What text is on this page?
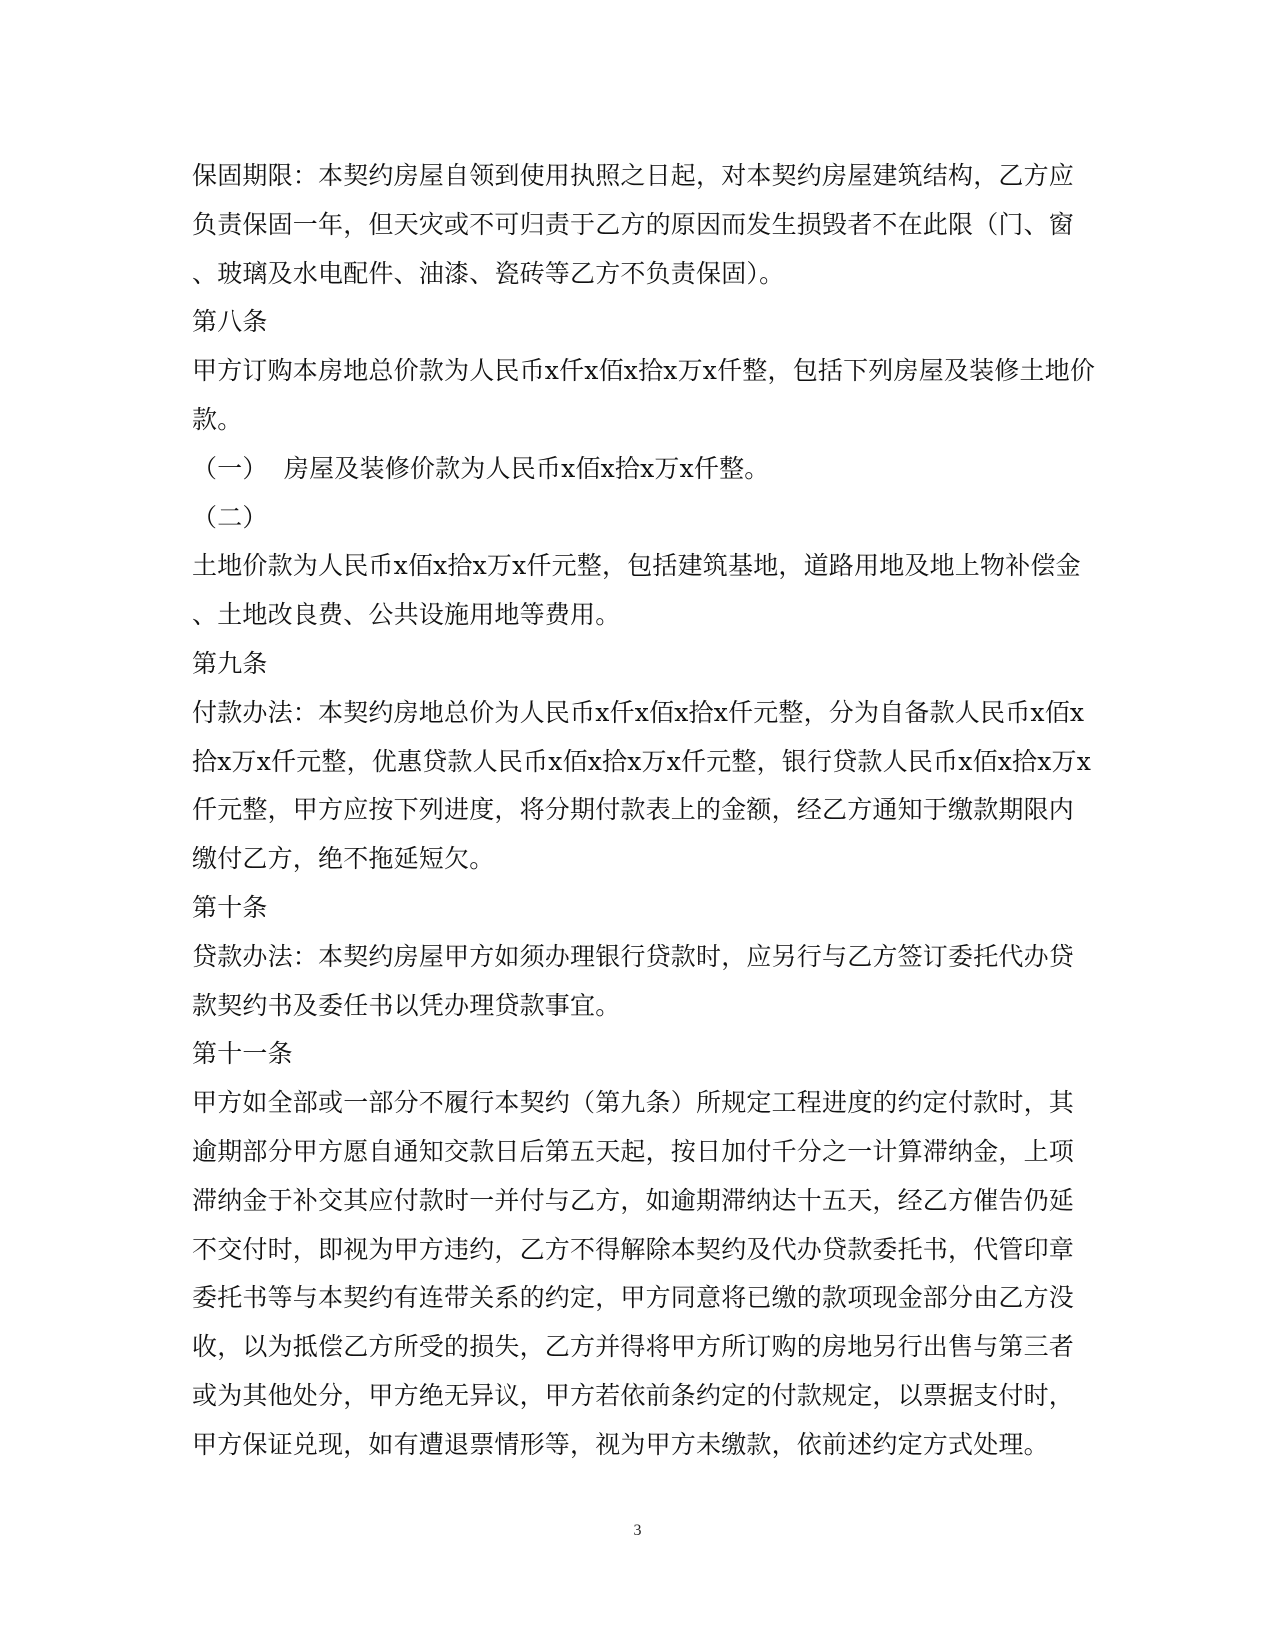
保固期限：本契约房屋自领到使用执照之日起，对本契约房屋建筑结构，乙方应
负责保固一年，但天灾或不可归责于乙方的原因而发生损毁者不在此限（门、窗
、玻璃及水电配件、油漆、瓷砖等乙方不负责保固）。
第八条
甲方订购本房地总价款为人民币x仟x佰x拾x万x仟整，包括下列房屋及装修土地价
款。
（一）  房屋及装修价款为人民币x佰x拾x万x仟整。
（二）
土地价款为人民币x佰x拾x万x仟元整，包括建筑基地，道路用地及地上物补偿金
、土地改良费、公共设施用地等费用。
第九条
付款办法：本契约房地总价为人民币x仟x佰x拾x仟元整，分为自备款人民币x佰x
拾x万x仟元整，优惠贷款人民币x佰x拾x万x仟元整，银行贷款人民币x佰x拾x万x
仟元整，甲方应按下列进度，将分期付款表上的金额，经乙方通知于缴款期限内
缴付乙方，绝不拖延短欠。
第十条
贷款办法：本契约房屋甲方如须办理银行贷款时，应另行与乙方签订委托代办贷
款契约书及委任书以凭办理贷款事宜。
第十一条
甲方如全部或一部分不履行本契约（第九条）所规定工程进度的约定付款时，其
逾期部分甲方愿自通知交款日后第五天起，按日加付千分之一计算滞纳金，上项
滞纳金于补交其应付款时一并付与乙方，如逾期滞纳达十五天，经乙方催告仍延
不交付时，即视为甲方违约，乙方不得解除本契约及代办贷款委托书，代管印章
委托书等与本契约有连带关系的约定，甲方同意将已缴的款项现金部分由乙方没
收，以为抵偿乙方所受的损失，乙方并得将甲方所订购的房地另行出售与第三者
或为其他处分，甲方绝无异议，甲方若依前条约定的付款规定，以票据支付时，
甲方保证兑现，如有遭退票情形等，视为甲方未缴款，依前述约定方式处理。
3
